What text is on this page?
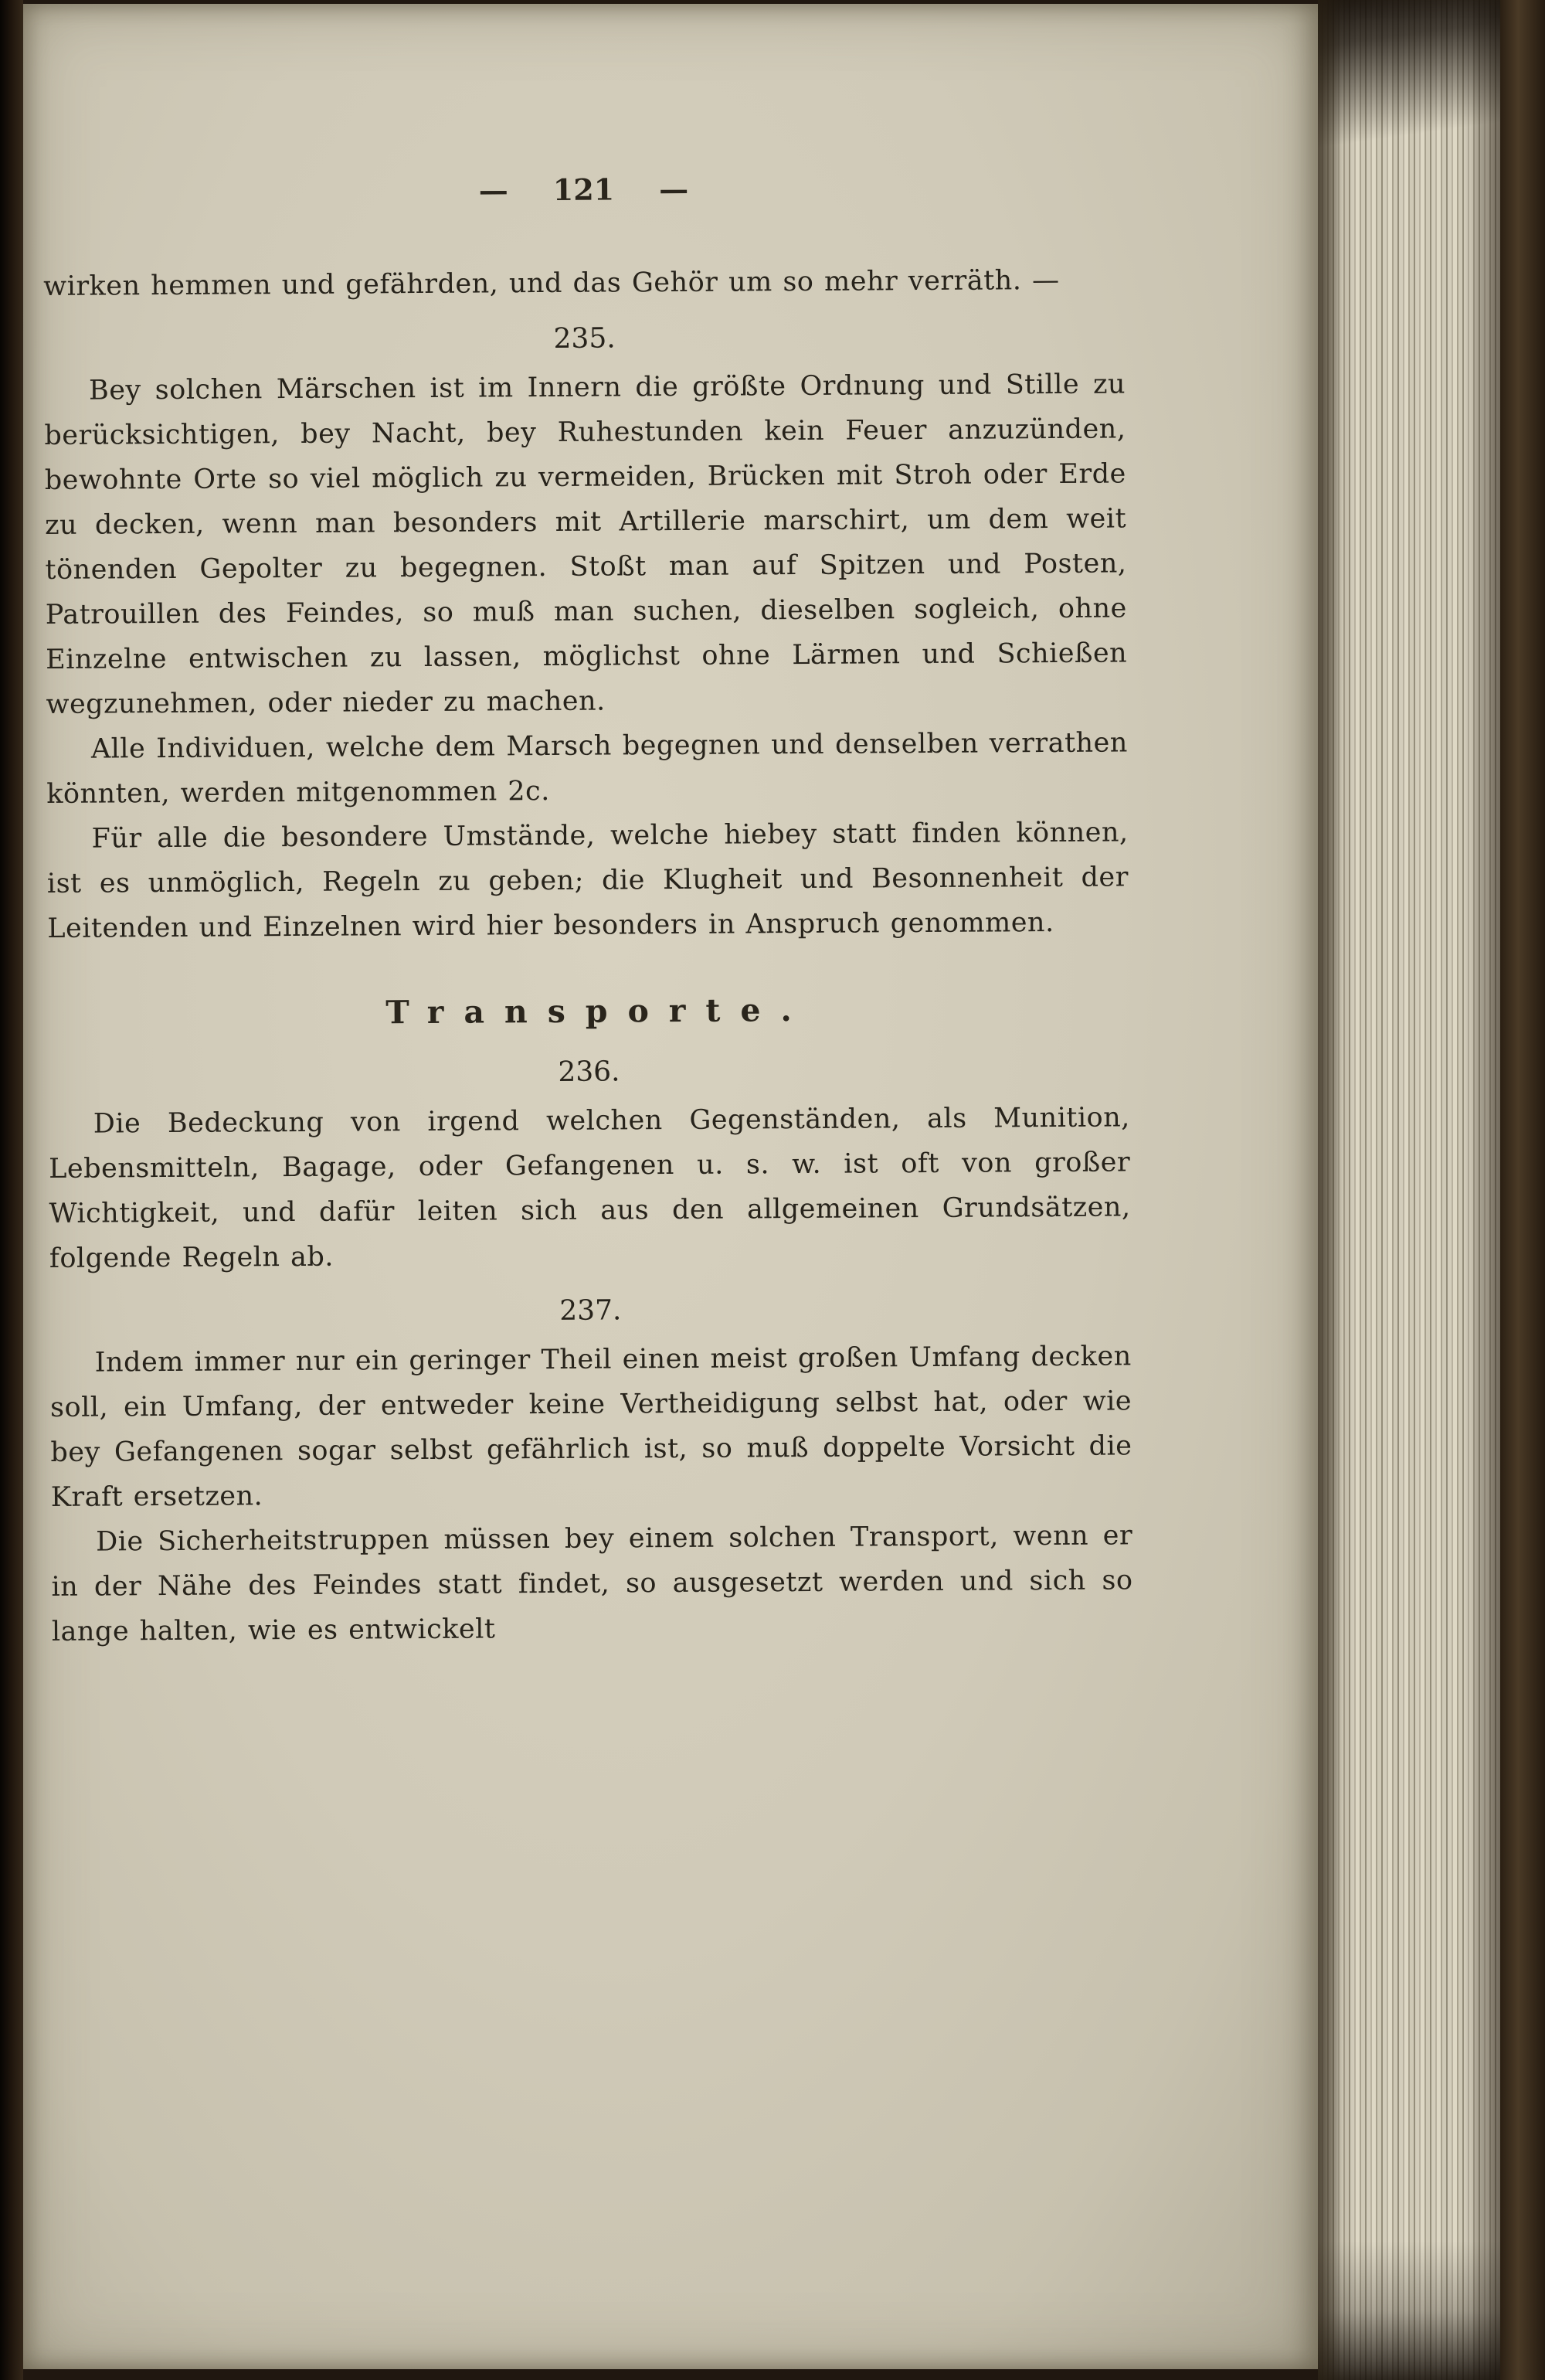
— 121 —

wirken hemmen und gefährden, und das Gehör um so mehr verräth. —

235.

Bey solchen Märschen ist im Innern die größte Ordnung und Stille zu berücksichtigen, bey Nacht, bey Ruhestunden kein Feuer anzuzünden, bewohnte Orte so viel möglich zu vermeiden, Brücken mit Stroh oder Erde zu decken, wenn man besonders mit Artillerie marschirt, um dem weit tönenden Gepolter zu begegnen. Stoßt man auf Spitzen und Posten, Patrouillen des Feindes, so muß man suchen, dieselben sogleich, ohne Einzelne entwischen zu lassen, möglichst ohne Lärmen und Schießen wegzunehmen, oder nieder zu machen.

Alle Individuen, welche dem Marsch begegnen und denselben verrathen könnten, werden mitgenommen 2c.

Für alle die besondere Umstände, welche hiebey statt finden können, ist es unmöglich, Regeln zu geben; die Klugheit und Besonnenheit der Leitenden und Einzelnen wird hier besonders in Anspruch genommen.

Transporte.
236.

Die Bedeckung von irgend welchen Gegenständen, als Munition, Lebensmitteln, Bagage, oder Gefangenen u. s. w. ist oft von großer Wichtigkeit, und dafür leiten sich aus den allgemeinen Grundsätzen, folgende Regeln ab.

237.

Indem immer nur ein geringer Theil einen meist großen Umfang decken soll, ein Umfang, der entweder keine Vertheidigung selbst hat, oder wie bey Gefangenen sogar selbst gefährlich ist, so muß doppelte Vorsicht die Kraft ersetzen.

Die Sicherheitstruppen müssen bey einem solchen Transport, wenn er in der Nähe des Feindes statt findet, so ausgesetzt werden und sich so lange halten, wie es entwickelt
